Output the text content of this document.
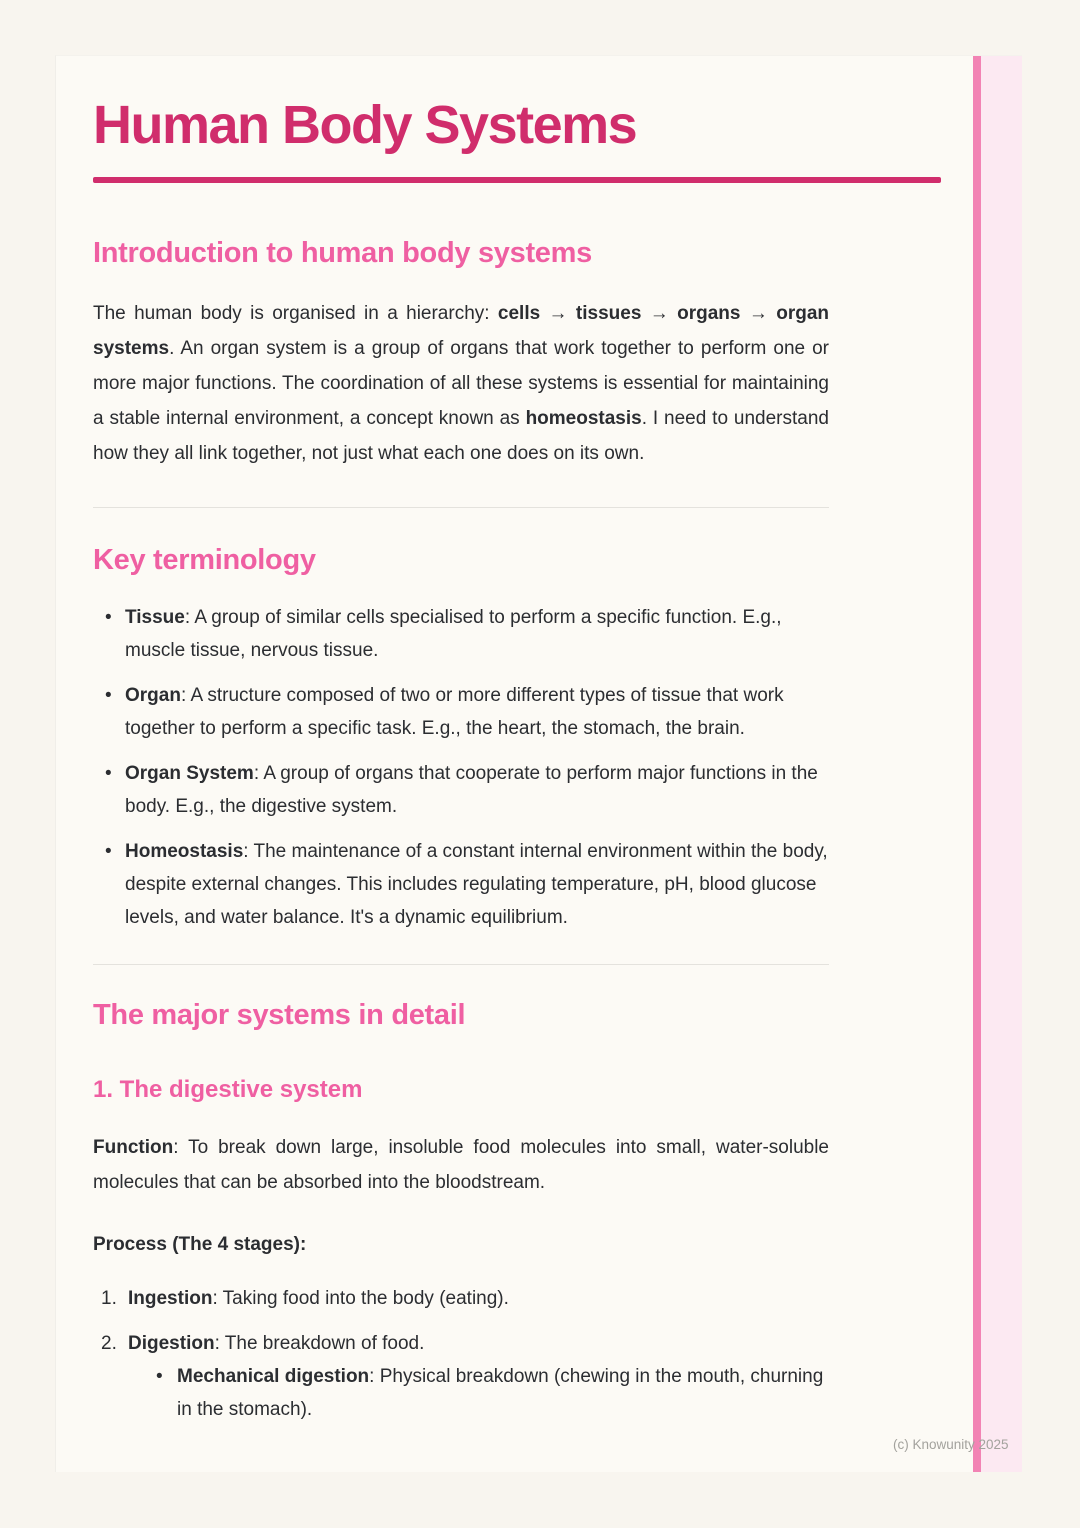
Human Body Systems
Introduction to human body systems

The human body is organised in a hierarchy: cells → tissues → organs → organ systems. An organ system is a group of organs that work together to perform one or more major functions. The coordination of all these systems is essential for maintaining a stable internal environment, a concept known as homeostasis. I need to understand how they all link together, not just what each one does on its own.

Key terminology
• Tissue: A group of similar cells specialised to perform a specific function. E.g., muscle tissue, nervous tissue.
• Organ: A structure composed of two or more different types of tissue that work together to perform a specific task. E.g., the heart, the stomach, the brain.
• Organ System: A group of organs that cooperate to perform major functions in the body. E.g., the digestive system.
• Homeostasis: The maintenance of a constant internal environment within the body, despite external changes. This includes regulating temperature, pH, blood glucose levels, and water balance. It's a dynamic equilibrium.
The major systems in detail
1. The digestive system

Function: To break down large, insoluble food molecules into small, water-soluble molecules that can be absorbed into the bloodstream.

Process (The 4 stages):

Ingestion: Taking food into the body (eating).
Digestion: The breakdown of food.
• Mechanical digestion: Physical breakdown (chewing in the mouth, churning in the stomach).
(c) Knowunity 2025
